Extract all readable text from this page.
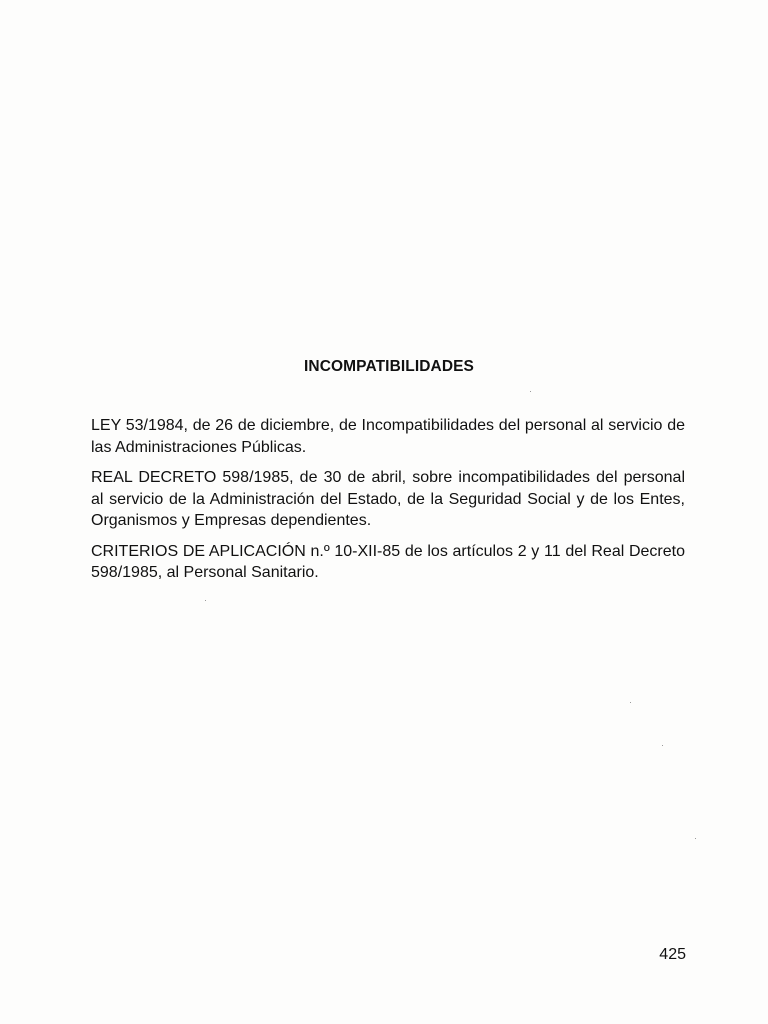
INCOMPATIBILIDADES

LEY 53/1984, de 26 de diciembre, de Incompatibilidades del personal al servicio de las Administraciones Públicas.

REAL DECRETO 598/1985, de 30 de abril, sobre incompatibilidades del personal al servicio de la Administración del Estado, de la Seguridad Social y de los Entes, Organismos y Empresas dependientes.

CRITERIOS DE APLICACIÓN n.º 10-XII-85 de los artículos 2 y 11 del Real Decreto 598/1985, al Personal Sanitario.

425
